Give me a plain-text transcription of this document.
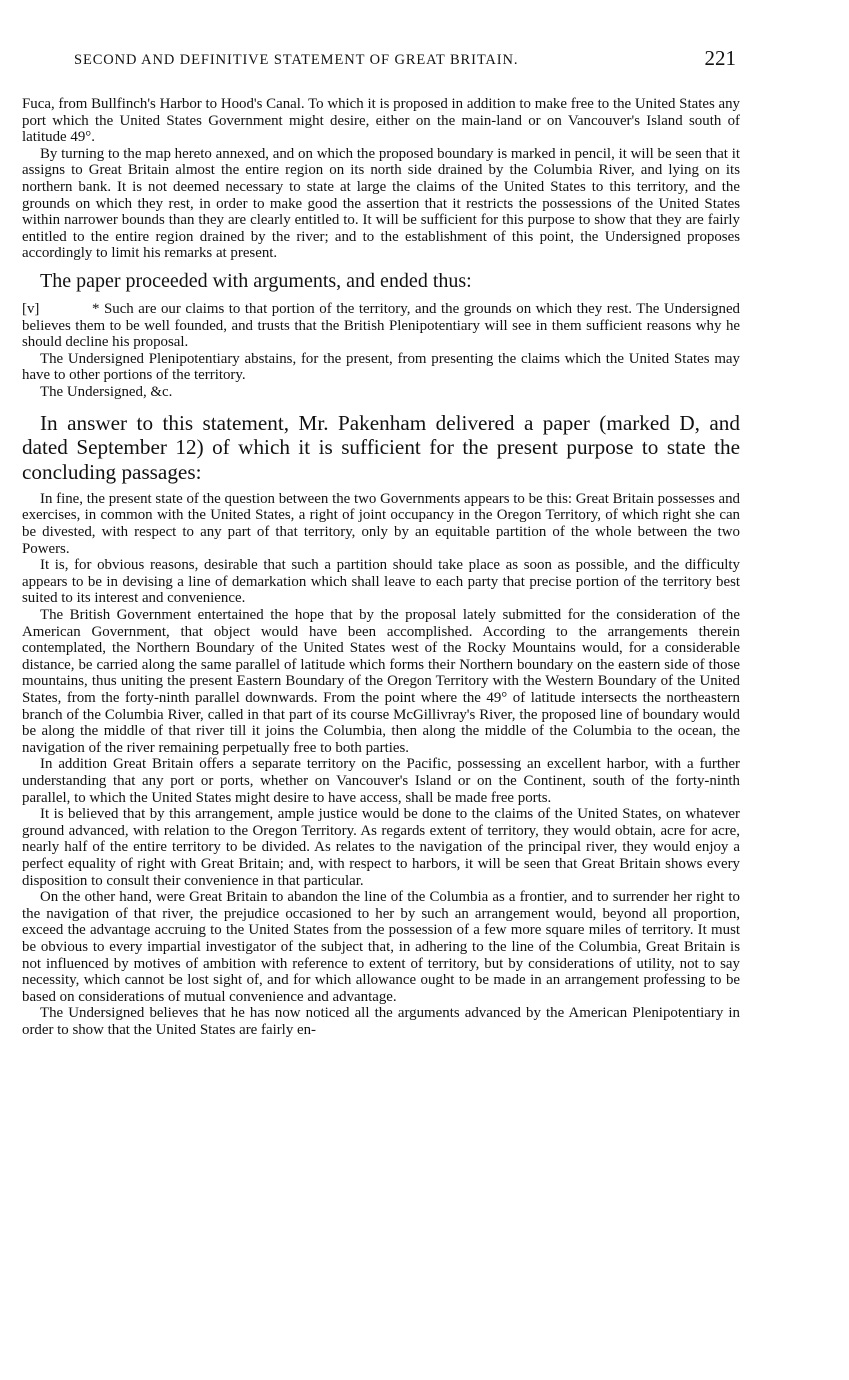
SECOND AND DEFINITIVE STATEMENT OF GREAT BRITAIN.	221

Fuca, from Bullfinch's Harbor to Hood's Canal. To which it is proposed in addition to make free to the United States any port which the United States Government might desire, either on the main-land or on Vancouver's Island south of latitude 49°.

By turning to the map hereto annexed, and on which the proposed boundary is marked in pencil, it will be seen that it assigns to Great Britain almost the entire region on its north side drained by the Columbia River, and lying on its northern bank. It is not deemed necessary to state at large the claims of the United States to this territory, and the grounds on which they rest, in order to make good the assertion that it restricts the possessions of the United States within narrower bounds than they are clearly entitled to. It will be sufficient for this purpose to show that they are fairly entitled to the entire region drained by the river; and to the establishment of this point, the Undersigned proposes accordingly to limit his remarks at present.

The paper proceeded with arguments, and ended thus:

[v]	* Such are our claims to that portion of the territory, and the grounds on which they rest. The Undersigned believes them to be well founded, and trusts that the British Plenipotentiary will see in them sufficient reasons why he should decline his proposal.

The Undersigned Plenipotentiary abstains, for the present, from presenting the claims which the United States may have to other portions of the territory.

The Undersigned, &c.

In answer to this statement, Mr. Pakenham delivered a paper (marked D, and dated September 12) of which it is sufficient for the present purpose to state the concluding passages:

In fine, the present state of the question between the two Governments appears to be this: Great Britain possesses and exercises, in common with the United States, a right of joint occupancy in the Oregon Territory, of which right she can be divested, with respect to any part of that territory, only by an equitable partition of the whole between the two Powers.

It is, for obvious reasons, desirable that such a partition should take place as soon as possible, and the difficulty appears to be in devising a line of demarkation which shall leave to each party that precise portion of the territory best suited to its interest and convenience.

The British Government entertained the hope that by the proposal lately submitted for the consideration of the American Government, that object would have been accomplished. According to the arrangements therein contemplated, the Northern Boundary of the United States west of the Rocky Mountains would, for a considerable distance, be carried along the same parallel of latitude which forms their Northern boundary on the eastern side of those mountains, thus uniting the present Eastern Boundary of the Oregon Territory with the Western Boundary of the United States, from the forty-ninth parallel downwards. From the point where the 49° of latitude intersects the northeastern branch of the Columbia River, called in that part of its course McGillivray's River, the proposed line of boundary would be along the middle of that river till it joins the Columbia, then along the middle of the Columbia to the ocean, the navigation of the river remaining perpetually free to both parties.

In addition Great Britain offers a separate territory on the Pacific, possessing an excellent harbor, with a further understanding that any port or ports, whether on Vancouver's Island or on the Continent, south of the forty-ninth parallel, to which the United States might desire to have access, shall be made free ports.

It is believed that by this arrangement, ample justice would be done to the claims of the United States, on whatever ground advanced, with relation to the Oregon Territory. As regards extent of territory, they would obtain, acre for acre, nearly half of the entire territory to be divided. As relates to the navigation of the principal river, they would enjoy a perfect equality of right with Great Britain; and, with respect to harbors, it will be seen that Great Britain shows every disposition to consult their convenience in that particular.

On the other hand, were Great Britain to abandon the line of the Columbia as a frontier, and to surrender her right to the navigation of that river, the prejudice occasioned to her by such an arrangement would, beyond all proportion, exceed the advantage accruing to the United States from the possession of a few more square miles of territory. It must be obvious to every impartial investigator of the subject that, in adhering to the line of the Columbia, Great Britain is not influenced by motives of ambition with reference to extent of territory, but by considerations of utility, not to say necessity, which cannot be lost sight of, and for which allowance ought to be made in an arrangement professing to be based on considerations of mutual convenience and advantage.

The Undersigned believes that he has now noticed all the arguments advanced by the American Plenipotentiary in order to show that the United States are fairly en-
